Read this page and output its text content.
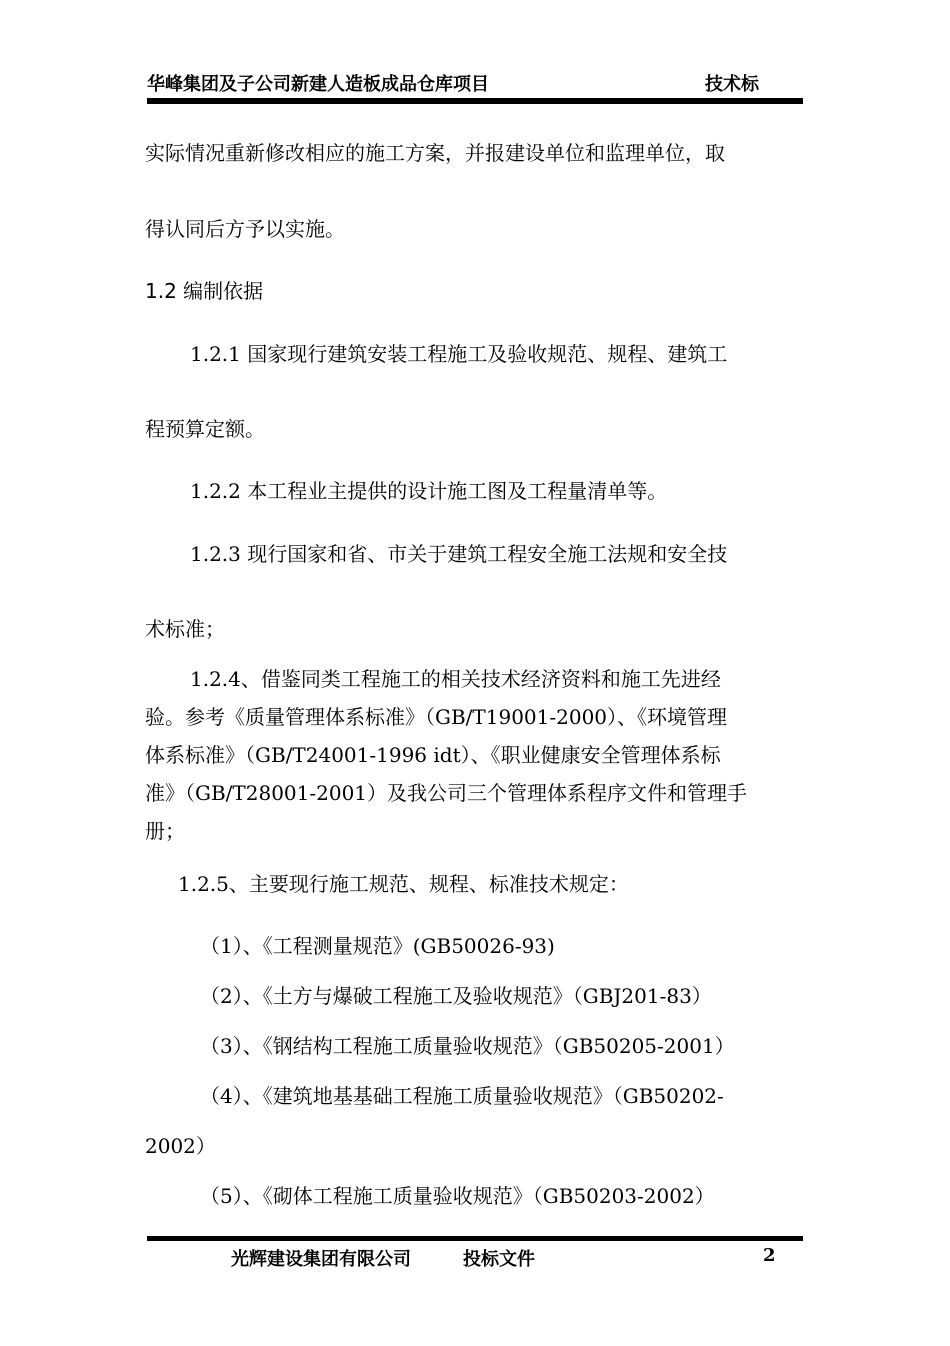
华峰集团及子公司新建人造板成品仓库项目	技术标
实际情况重新修改相应的施工方案，并报建设单位和监理单位，取
得认同后方予以实施。
1.2 编制依据
1.2.1 国家现行建筑安装工程施工及验收规范、规程、建筑工
程预算定额。
1.2.2 本工程业主提供的设计施工图及工程量清单等。
1.2.3 现行国家和省、市关于建筑工程安全施工法规和安全技
术标准；
1.2.4、借鉴同类工程施工的相关技术经济资料和施工先进经
验。参考《质量管理体系标准》（GB/T19001-2000）、《环境管理
体系标准》（GB/T24001-1996 idt）、《职业健康安全管理体系标
准》（GB/T28001-2001）及我公司三个管理体系程序文件和管理手
册；
1.2.5、主要现行施工规范、规程、标准技术规定：
（1）、《工程测量规范》(GB50026-93)
（2）、《土方与爆破工程施工及验收规范》（GBJ201-83）
（3）、《钢结构工程施工质量验收规范》（GB50205-2001）
（4）、《建筑地基基础工程施工质量验收规范》（GB50202-
2002）
（5）、《砌体工程施工质量验收规范》（GB50203-2002）
光辉建设集团有限公司	投标文件	2
